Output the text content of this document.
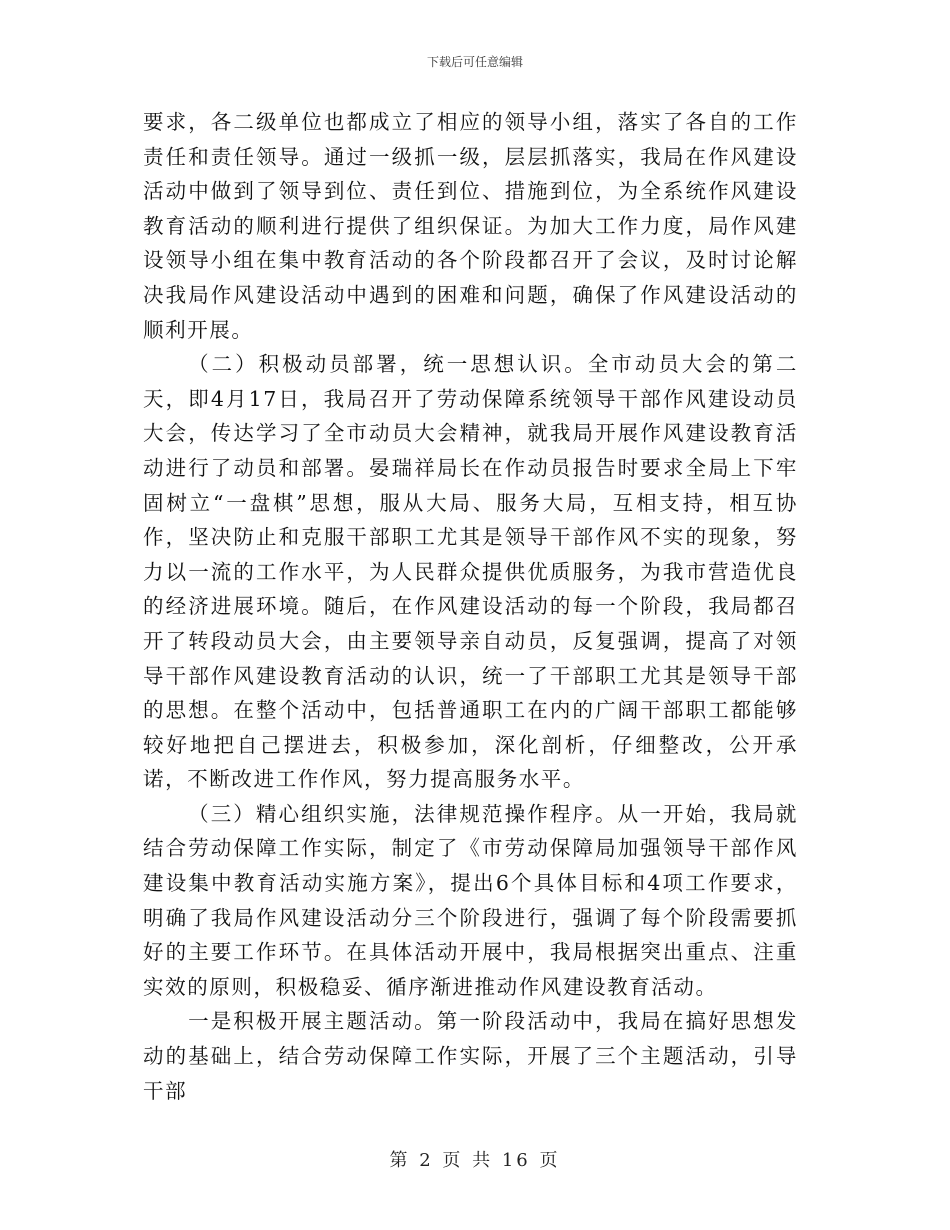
下载后可任意编辑

要求，各二级单位也都成立了相应的领导小组，落实了各自的工作责任和责任领导。通过一级抓一级，层层抓落实，我局在作风建设活动中做到了领导到位、责任到位、措施到位，为全系统作风建设教育活动的顺利进行提供了组织保证。为加大工作力度，局作风建设领导小组在集中教育活动的各个阶段都召开了会议，及时讨论解决我局作风建设活动中遇到的困难和问题，确保了作风建设活动的顺利开展。

（二）积极动员部署，统一思想认识。全市动员大会的第二天，即4月17日，我局召开了劳动保障系统领导干部作风建设动员大会，传达学习了全市动员大会精神，就我局开展作风建设教育活动进行了动员和部署。晏瑞祥局长在作动员报告时要求全局上下牢固树立“一盘棋”思想，服从大局、服务大局，互相支持，相互协作，坚决防止和克服干部职工尤其是领导干部作风不实的现象，努力以一流的工作水平，为人民群众提供优质服务，为我市营造优良的经济进展环境。随后，在作风建设活动的每一个阶段，我局都召开了转段动员大会，由主要领导亲自动员，反复强调，提高了对领导干部作风建设教育活动的认识，统一了干部职工尤其是领导干部的思想。在整个活动中，包括普通职工在内的广阔干部职工都能够较好地把自己摆进去，积极参加，深化剖析，仔细整改，公开承诺，不断改进工作作风，努力提高服务水平。

（三）精心组织实施，法律规范操作程序。从一开始，我局就结合劳动保障工作实际，制定了《市劳动保障局加强领导干部作风建设集中教育活动实施方案》，提出6个具体目标和4项工作要求，明确了我局作风建设活动分三个阶段进行，强调了每个阶段需要抓好的主要工作环节。在具体活动开展中，我局根据突出重点、注重实效的原则，积极稳妥、循序渐进推动作风建设教育活动。

一是积极开展主题活动。第一阶段活动中，我局在搞好思想发动的基础上，结合劳动保障工作实际，开展了三个主题活动，引导干部

第 2 页 共 16 页
